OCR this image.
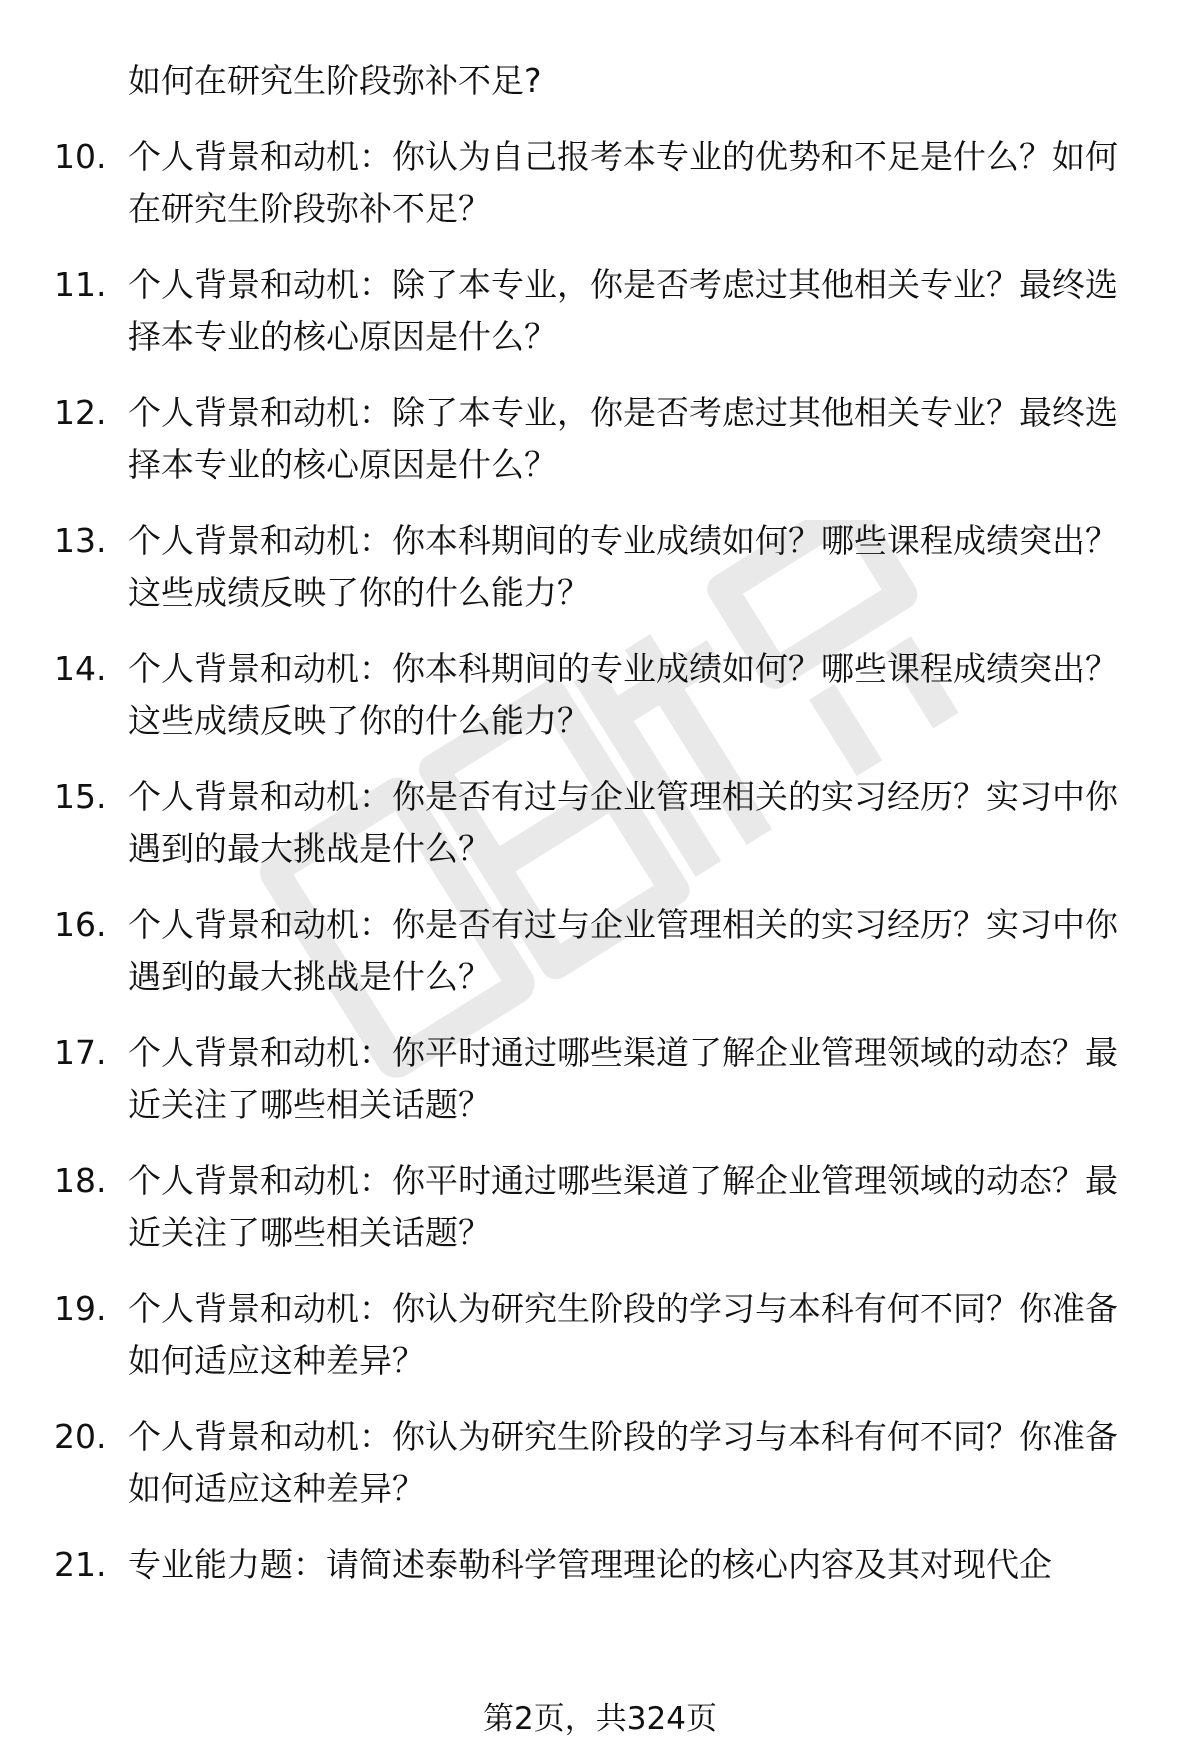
如何在研究生阶段弥补不足?
10. 个人背景和动机：你认为自己报考本专业的优势和不足是什么？如何在研究生阶段弥补不足？
11. 个人背景和动机：除了本专业，你是否考虑过其他相关专业？最终选择本专业的核心原因是什么？
12. 个人背景和动机：除了本专业，你是否考虑过其他相关专业？最终选择本专业的核心原因是什么？
13. 个人背景和动机：你本科期间的专业成绩如何？哪些课程成绩突出？这些成绩反映了你的什么能力？
14. 个人背景和动机：你本科期间的专业成绩如何？哪些课程成绩突出？这些成绩反映了你的什么能力？
15. 个人背景和动机：你是否有过与企业管理相关的实习经历？实习中你遇到的最大挑战是什么？
16. 个人背景和动机：你是否有过与企业管理相关的实习经历？实习中你遇到的最大挑战是什么？
17. 个人背景和动机：你平时通过哪些渠道了解企业管理领域的动态？最近关注了哪些相关话题？
18. 个人背景和动机：你平时通过哪些渠道了解企业管理领域的动态？最近关注了哪些相关话题？
19. 个人背景和动机：你认为研究生阶段的学习与本科有何不同？你准备如何适应这种差异？
20. 个人背景和动机：你认为研究生阶段的学习与本科有何不同？你准备如何适应这种差异？
21. 专业能力题：请简述泰勒科学管理理论的核心内容及其对现代企
第2页，共324页
